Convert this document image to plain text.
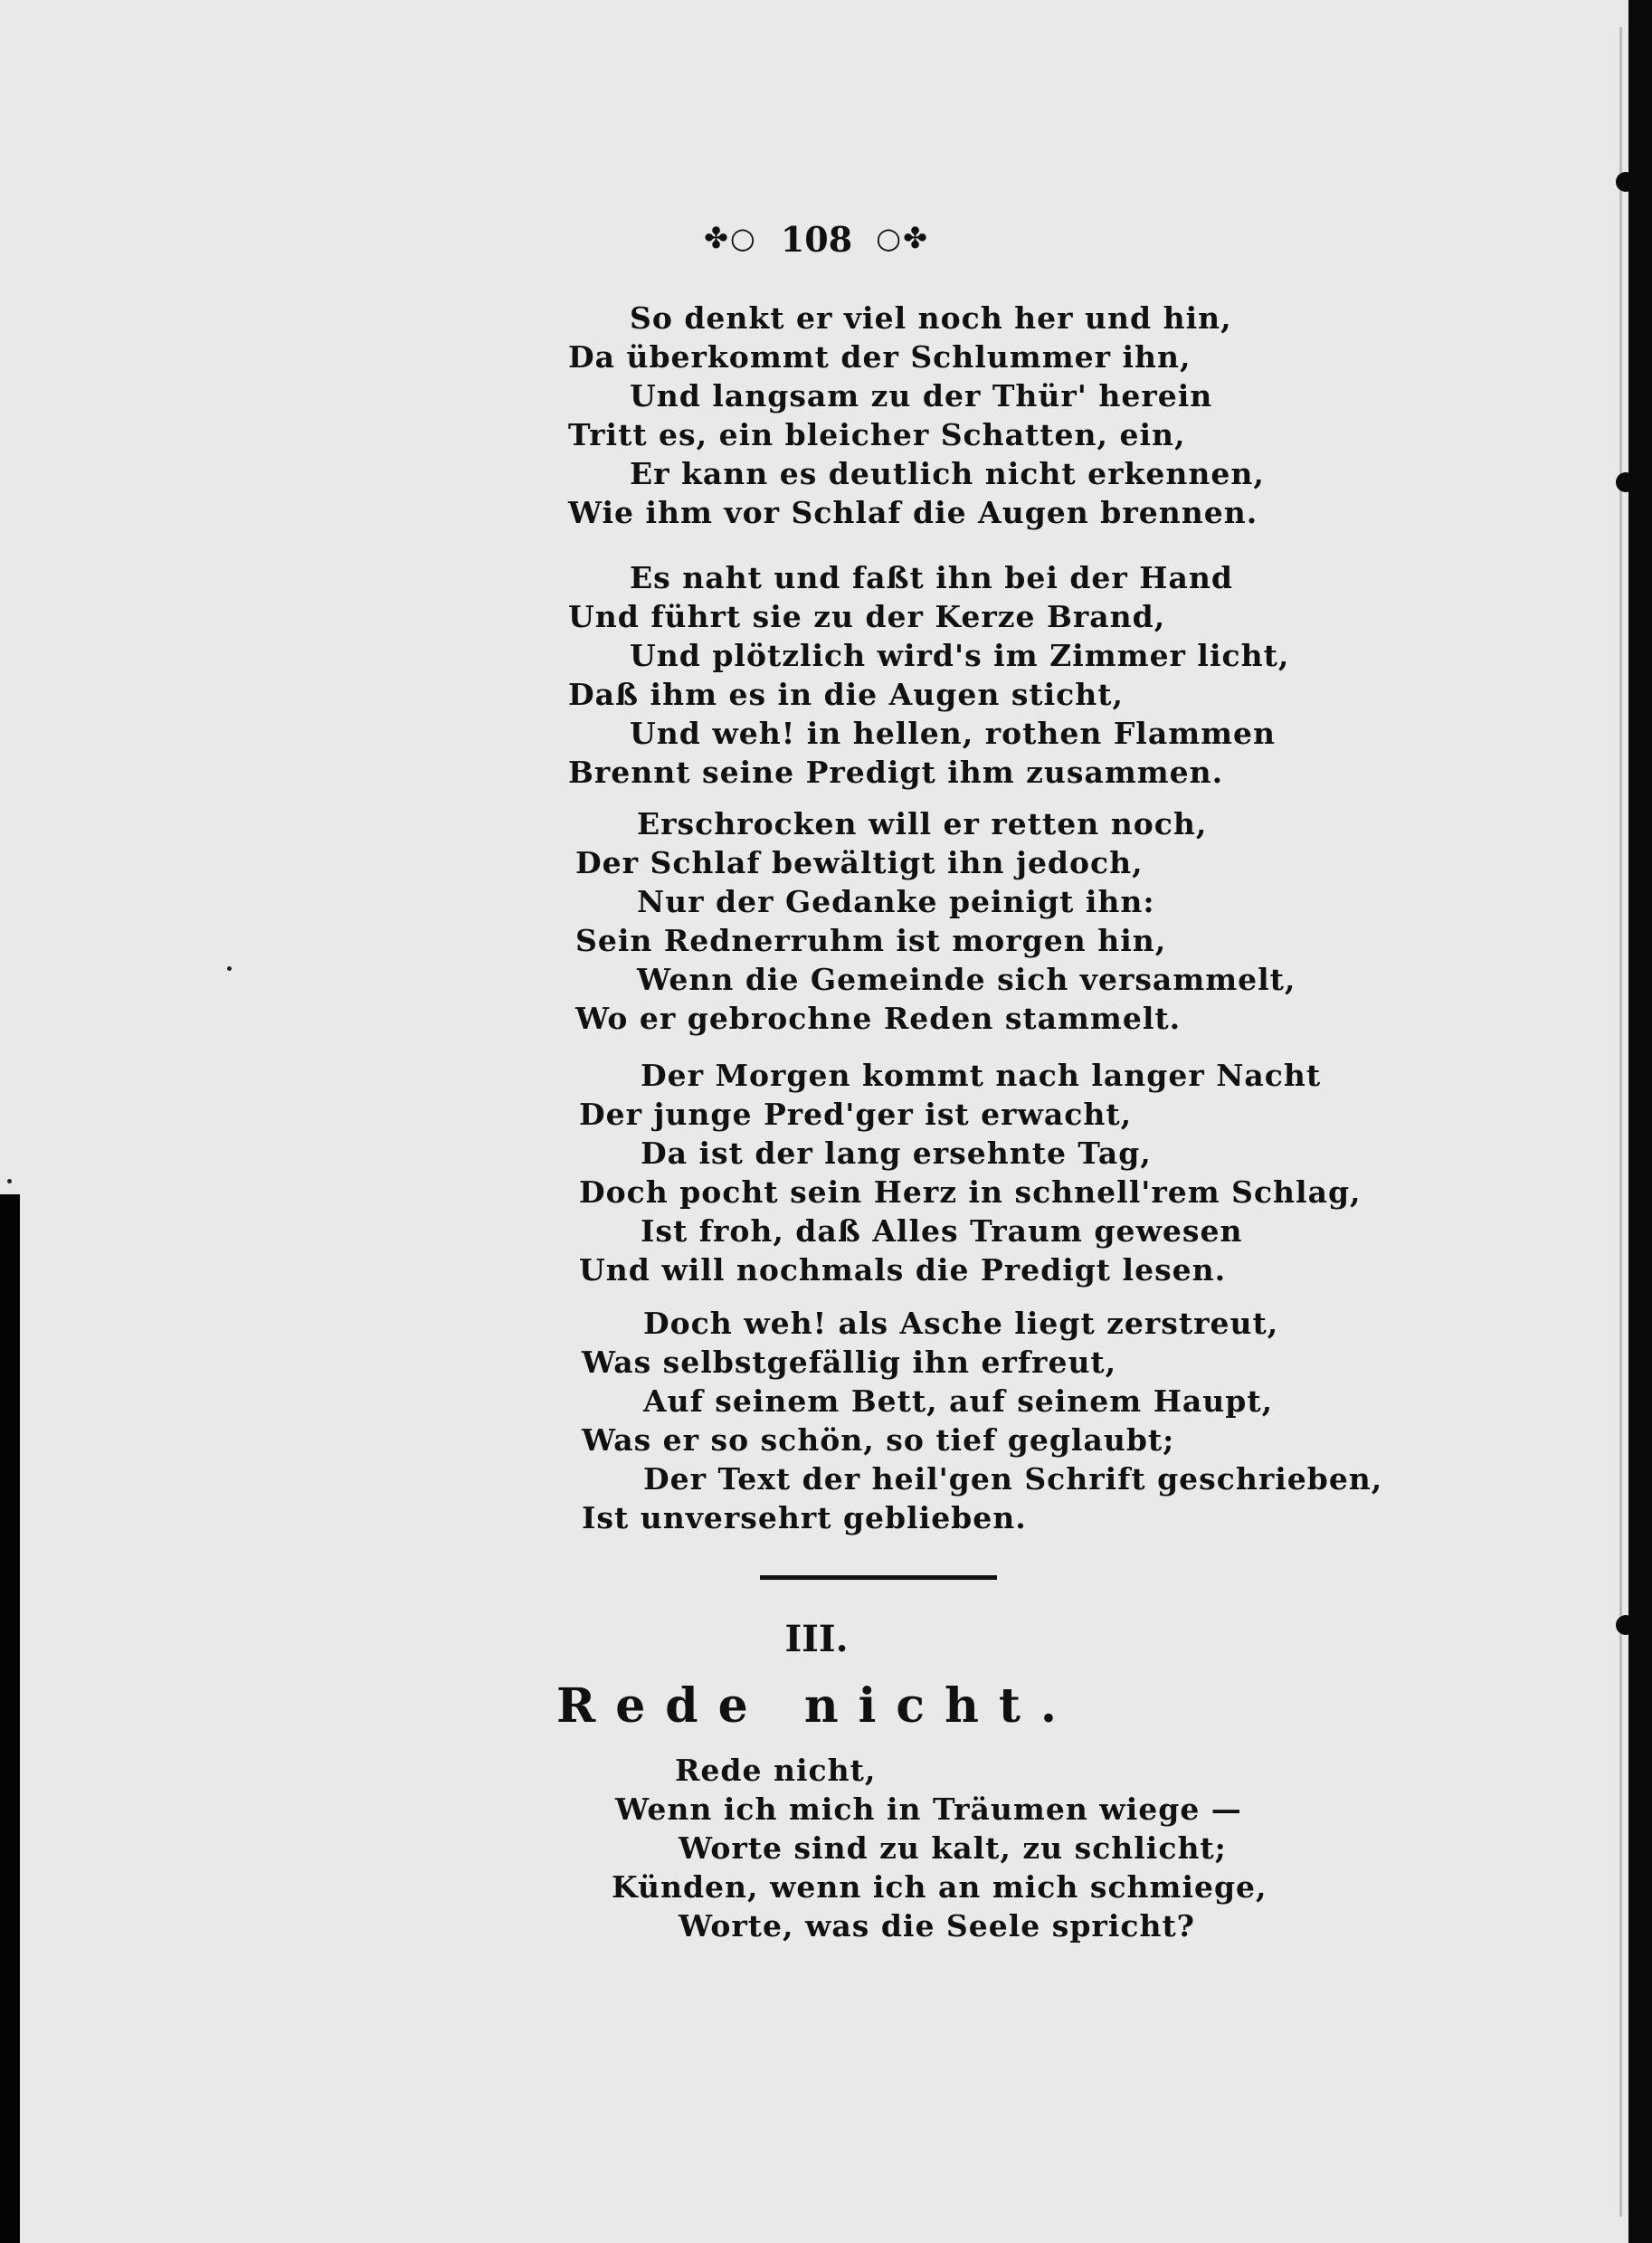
✤○ 108 ○✤
So denkt er viel noch her und hin,
Da überkommt der Schlummer ihn,
Und langsam zu der Thür' herein
Tritt es, ein bleicher Schatten, ein,
Er kann es deutlich nicht erkennen,
Wie ihm vor Schlaf die Augen brennen.
Es naht und faßt ihn bei der Hand
Und führt sie zu der Kerze Brand,
Und plötzlich wird's im Zimmer licht,
Daß ihm es in die Augen sticht,
Und weh! in hellen, rothen Flammen
Brennt seine Predigt ihm zusammen.
Erschrocken will er retten noch,
Der Schlaf bewältigt ihn jedoch,
Nur der Gedanke peinigt ihn:
Sein Rednerruhm ist morgen hin,
Wenn die Gemeinde sich versammelt,
Wo er gebrochne Reden stammelt.
Der Morgen kommt nach langer Nacht
Der junge Pred'ger ist erwacht,
Da ist der lang ersehnte Tag,
Doch pocht sein Herz in schnell'rem Schlag,
Ist froh, daß Alles Traum gewesen
Und will nochmals die Predigt lesen.
Doch weh! als Asche liegt zerstreut,
Was selbstgefällig ihn erfreut,
Auf seinem Bett, auf seinem Haupt,
Was er so schön, so tief geglaubt;
Der Text der heil'gen Schrift geschrieben,
Ist unversehrt geblieben.
III.
Rede nicht.
Rede nicht,
Wenn ich mich in Träumen wiege —
Worte sind zu kalt, zu schlicht;
Künden, wenn ich an mich schmiege,
Worte, was die Seele spricht?
